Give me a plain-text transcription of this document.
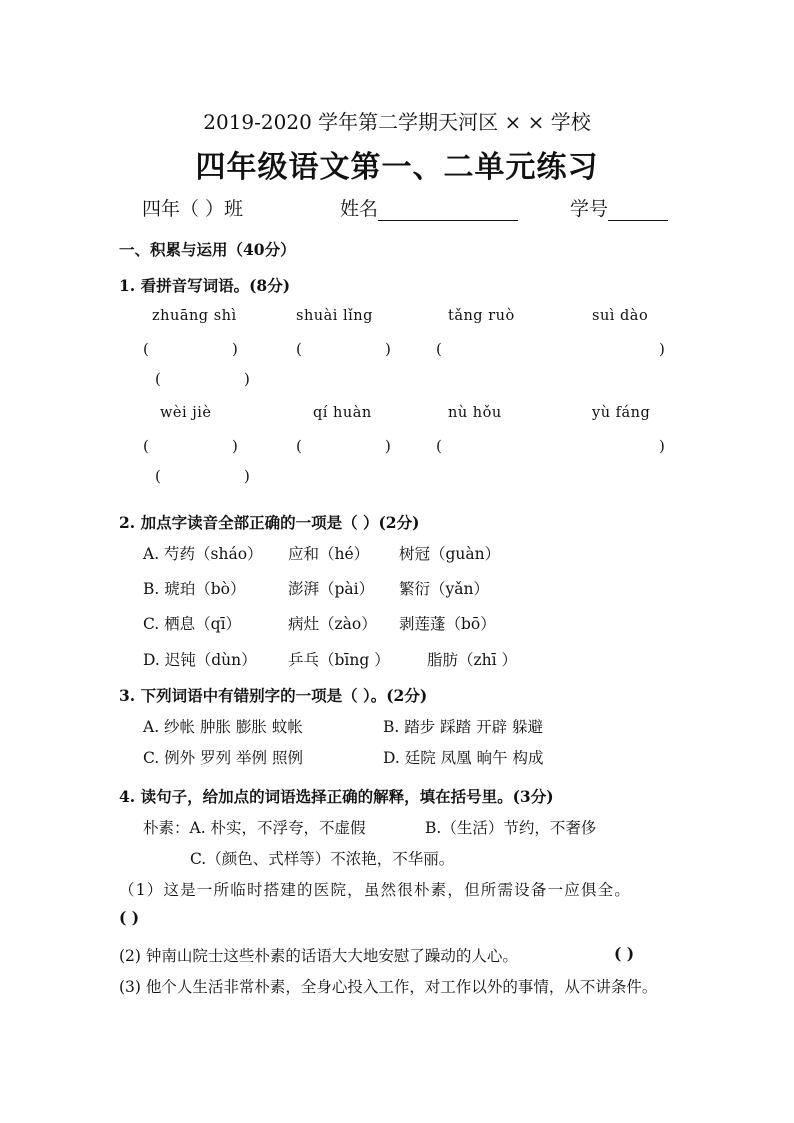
2019-2020 学年第二学期天河区 × × 学校
四年级语文第一、二单元练习
四年（ ）班	姓名	学号
一、积累与运用（40分）
1. 看拼音写词语。(8分)
zhuāng shì	shuài lǐng	tǎng ruò	suì dào
(	)	(	)	(	)
(	)
wèi jiè	qí huàn	nù hǒu	yù fáng
(	)	(	)	(	)
(	)
2. 加点字读音全部正确的一项是（ ）(2分)
A. 芍药（sháo） 应和（hé） 树冠（guàn）
B. 琥珀（bò）	澎湃（pài） 繁衍（yǎn）
C. 栖息（qī）	病灶（zào） 剥莲蓬（bō）
D. 迟钝（dùn） 乒乓（bīng ） 脂肪（zhī ）
3. 下列词语中有错别字的一项是（ ）。(2分)
A. 纱帐 肿胀 膨胀 蚊帐	B. 踏步 踩踏 开辟 躲避
C. 例外 罗列 举例 照例	D. 廷院 凤凰 晌午 构成
4. 读句子，给加点的词语选择正确的解释，填在括号里。(3分)
朴素：A. 朴实，不浮夸，不虚假	B.（生活）节约，不奢侈
C.（颜色、式样等）不浓艳，不华丽。
（1）这是一所临时搭建的医院，虽然很朴素，但所需设备一应俱全。
( )
(2) 钟南山院士这些朴素的话语大大地安慰了躁动的人心。	( )
(3) 他个人生活非常朴素，全身心投入工作，对工作以外的事情，从不讲条件。
